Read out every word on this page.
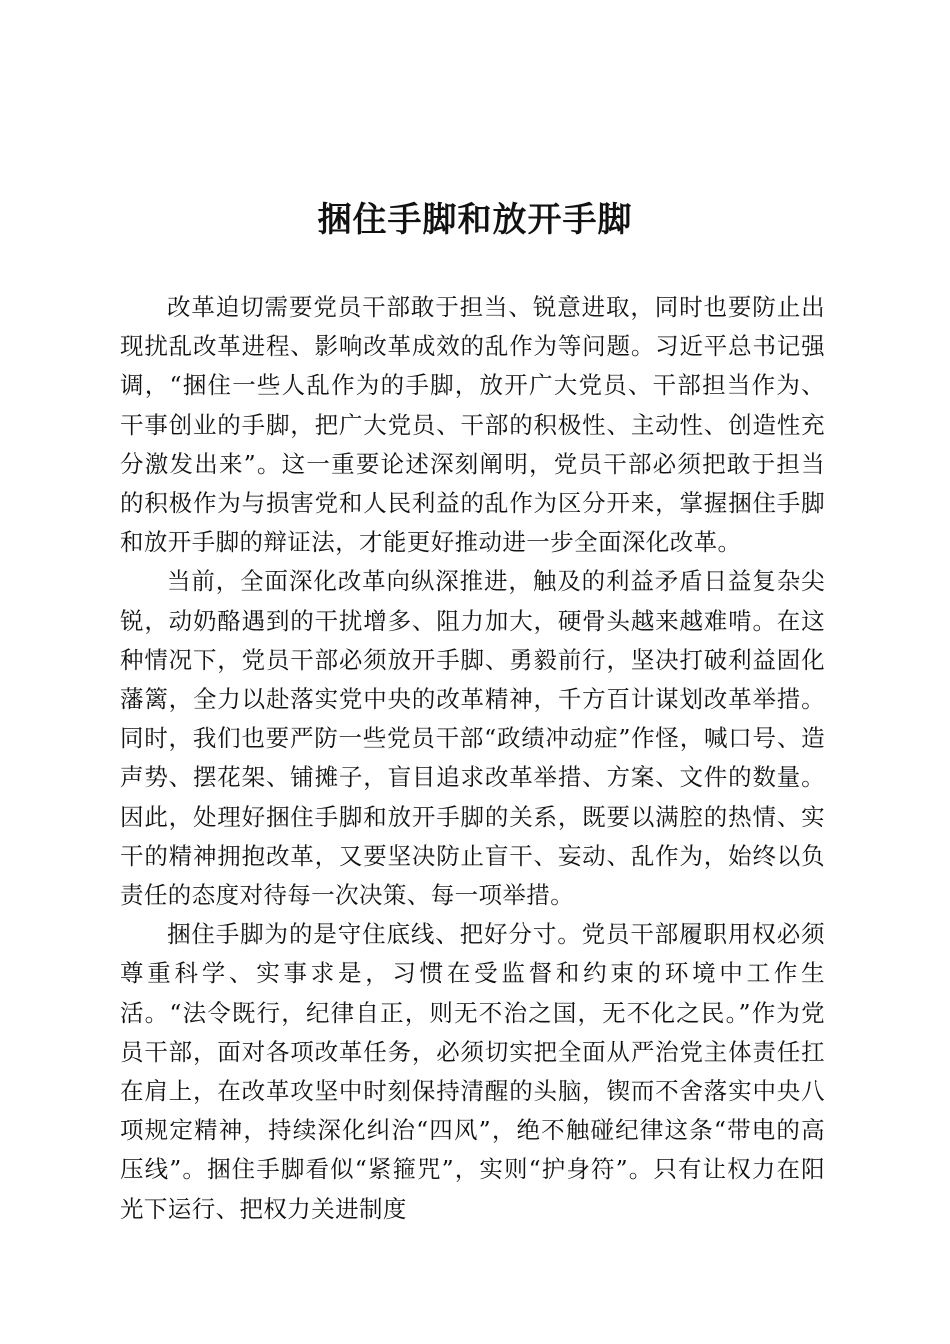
捆住手脚和放开手脚

改革迫切需要党员干部敢于担当、锐意进取，同时也要防止出现扰乱改革进程、影响改革成效的乱作为等问题。习近平总书记强调，“捆住一些人乱作为的手脚，放开广大党员、干部担当作为、干事创业的手脚，把广大党员、干部的积极性、主动性、创造性充分激发出来”。这一重要论述深刻阐明，党员干部必须把敢于担当的积极作为与损害党和人民利益的乱作为区分开来，掌握捆住手脚和放开手脚的辩证法，才能更好推动进一步全面深化改革。

当前，全面深化改革向纵深推进，触及的利益矛盾日益复杂尖锐，动奶酪遇到的干扰增多、阻力加大，硬骨头越来越难啃。在这种情况下，党员干部必须放开手脚、勇毅前行，坚决打破利益固化藩篱，全力以赴落实党中央的改革精神，千方百计谋划改革举措。同时，我们也要严防一些党员干部“政绩冲动症”作怪，喊口号、造声势、摆花架、铺摊子，盲目追求改革举措、方案、文件的数量。因此，处理好捆住手脚和放开手脚的关系，既要以满腔的热情、实干的精神拥抱改革，又要坚决防止盲干、妄动、乱作为，始终以负责任的态度对待每一次决策、每一项举措。

捆住手脚为的是守住底线、把好分寸。党员干部履职用权必须尊重科学、实事求是，习惯在受监督和约束的环境中工作生活。“法令既行，纪律自正，则无不治之国，无不化之民。”作为党员干部，面对各项改革任务，必须切实把全面从严治党主体责任扛在肩上，在改革攻坚中时刻保持清醒的头脑，锲而不舍落实中央八项规定精神，持续深化纠治“四风”，绝不触碰纪律这条“带电的高压线”。捆住手脚看似“紧箍咒”，实则“护身符”。只有让权力在阳光下运行、把权力关进制度
